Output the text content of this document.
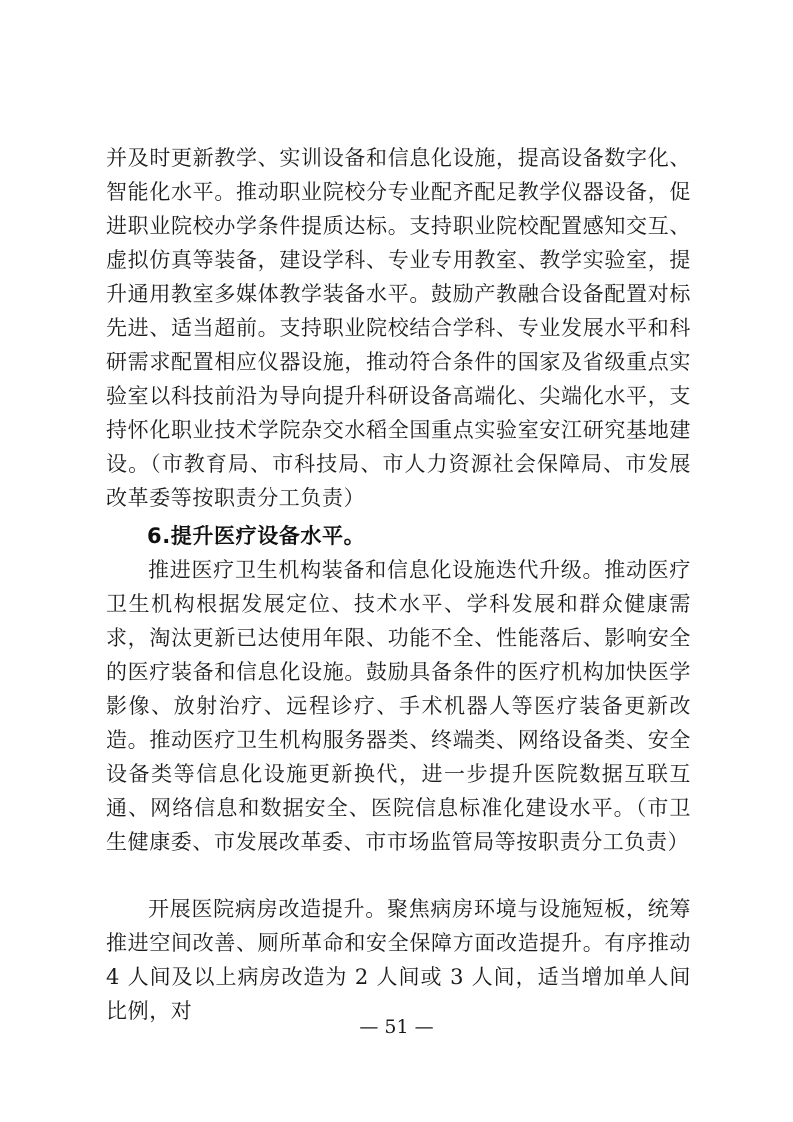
并及时更新教学、实训设备和信息化设施，提高设备数字化、智能化水平。推动职业院校分专业配齐配足教学仪器设备，促进职业院校办学条件提质达标。支持职业院校配置感知交互、虚拟仿真等装备，建设学科、专业专用教室、教学实验室，提升通用教室多媒体教学装备水平。鼓励产教融合设备配置对标先进、适当超前。支持职业院校结合学科、专业发展水平和科研需求配置相应仪器设施，推动符合条件的国家及省级重点实验室以科技前沿为导向提升科研设备高端化、尖端化水平，支持怀化职业技术学院杂交水稻全国重点实验室安江研究基地建设。（市教育局、市科技局、市人力资源社会保障局、市发展改革委等按职责分工负责）
6.提升医疗设备水平。
推进医疗卫生机构装备和信息化设施迭代升级。推动医疗卫生机构根据发展定位、技术水平、学科发展和群众健康需求，淘汰更新已达使用年限、功能不全、性能落后、影响安全的医疗装备和信息化设施。鼓励具备条件的医疗机构加快医学影像、放射治疗、远程诊疗、手术机器人等医疗装备更新改造。推动医疗卫生机构服务器类、终端类、网络设备类、安全设备类等信息化设施更新换代，进一步提升医院数据互联互通、网络信息和数据安全、医院信息标准化建设水平。（市卫生健康委、市发展改革委、市市场监管局等按职责分工负责）
开展医院病房改造提升。聚焦病房环境与设施短板，统筹推进空间改善、厕所革命和安全保障方面改造提升。有序推动 4 人间及以上病房改造为 2 人间或 3 人间，适当增加单人间比例，对
— 51 —
